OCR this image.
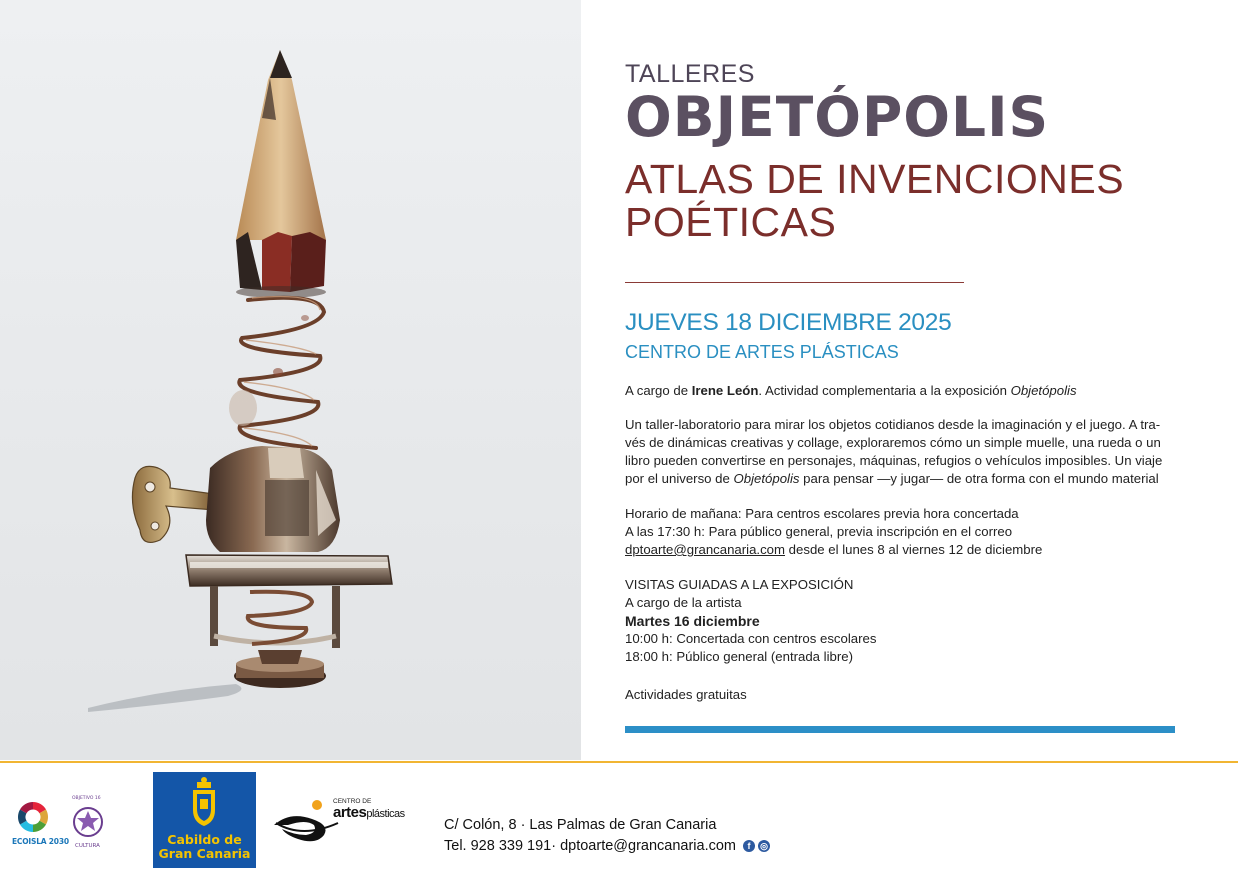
TALLERES
OBJETÓPOLIS
ATLAS DE INVENCIONES
POÉTICAS
JUEVES 18 DICIEMBRE 2025
CENTRO DE ARTES PLÁSTICAS
A cargo de Irene León. Actividad complementaria a la exposición Objetópolis
Un taller-laboratorio para mirar los objetos cotidianos desde la imaginación y el juego. A tra-
vés de dinámicas creativas y collage, exploraremos cómo un simple muelle, una rueda o un
libro pueden convertirse en personajes, máquinas, refugios o vehículos imposibles. Un viaje
por el universo de Objetópolis para pensar —y jugar— de otra forma con el mundo material
Horario de mañana: Para centros escolares previa hora concertada
A las 17:30 h: Para público general, previa inscripción en el correo
dptoarte@grancanaria.com desde el lunes 8 al viernes 12 de diciembre
VISITAS GUIADAS A LA EXPOSICIÓN
A cargo de la artista
Martes 16 diciembre
10:00 h: Concertada con centros escolares
18:00 h: Público general (entrada libre)
Actividades gratuitas
ECOISLA 2030
OBJETIVO 16
CULTURA	Cabildo de
Gran Canaria
CENTRO DE

artesplásticas
C/ Colón, 8 · Las Palmas de Gran Canaria
Tel. 928 339 191· dptoarte@grancanaria.com f ◎
